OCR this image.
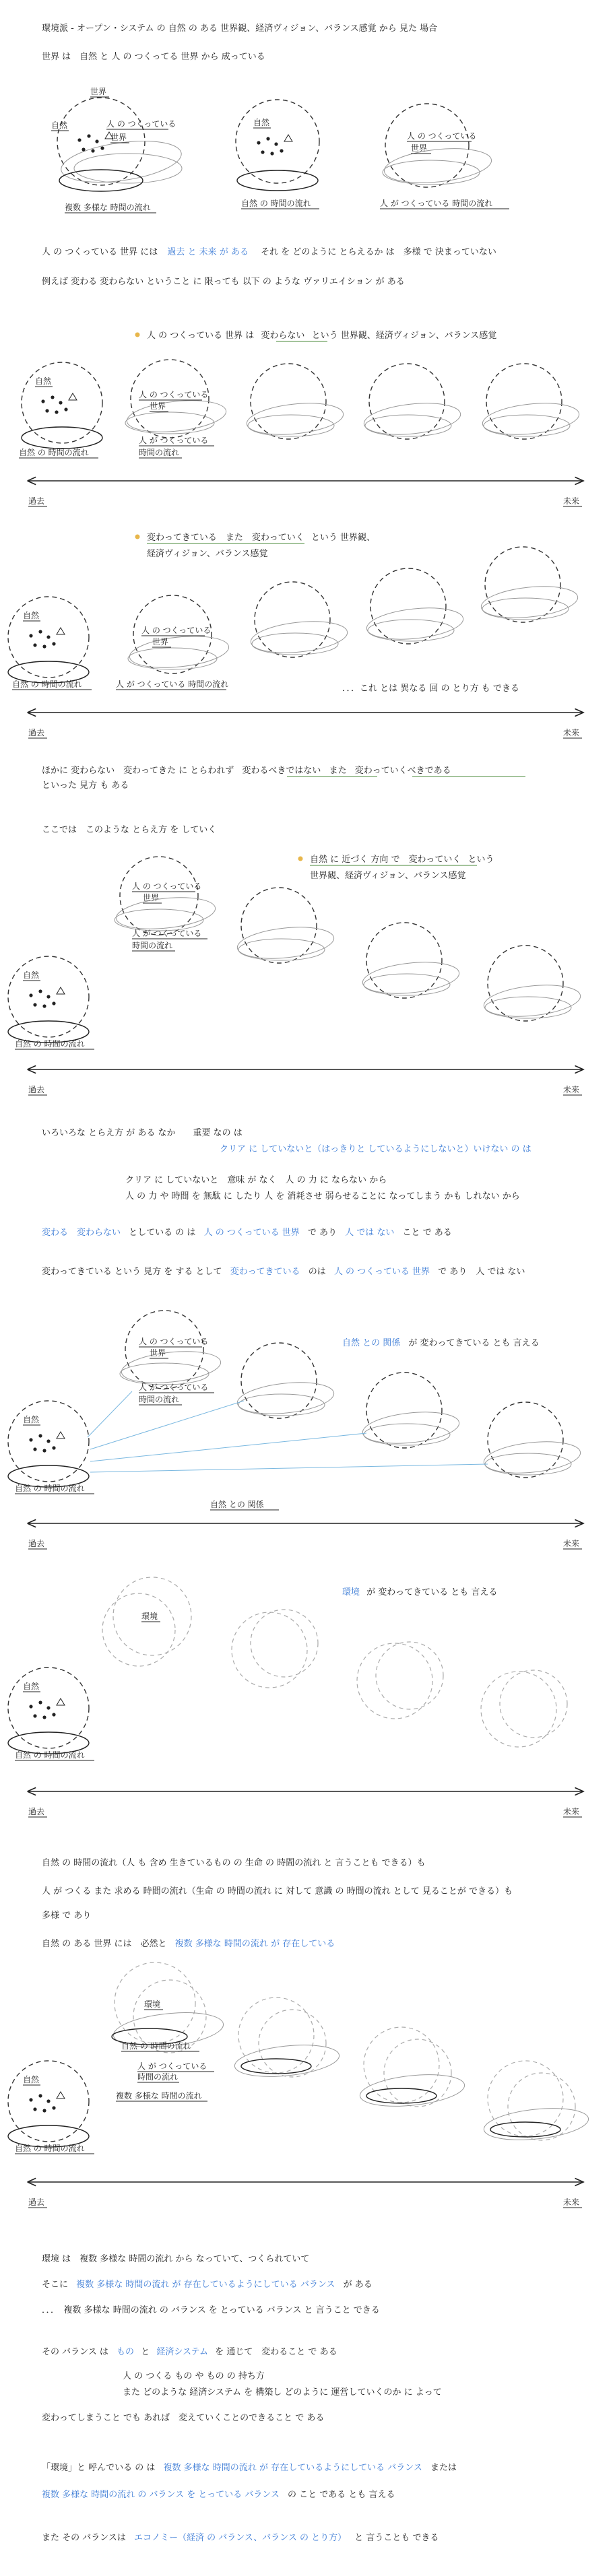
環境派 - オープン・システム の 自然 の ある 世界観、経済ヴィジョン、バランス感覚 から 見た 場合
世界 は　自然 と 人 の つくってる 世界 から 成っている
世界
自然	人 の つくっている
世界
複数 多様な 時間の流れ
自然
自然 の 時間の流れ
人 の つくっている
世界
人 が つくっている 時間の流れ
人 の つくっている 世界 には 過去 と 未来 が ある それ を どのように とらえるか は　多様 で 決まっていない
例えば 変わる 変わらない ということ に 限っても 以下 の ような ヴァリエイション が ある
人 の つくっている 世界 は 変わらない という 世界観、経済ヴィジョン、バランス感覚
自然
自然 の 時間の流れ
人 の つくっている
世界
人 が つくっている
時間の流れ
過去	未来
変わってきている　また　変わっていく という 世界観、
経済ヴィジョン、バランス感覚
自然
自然 の 時間の流れ
人 の つくっている
世界
人 が つくっている 時間の流れ	．．．これ とは 異なる 回 の とり方 も できる
過去	未来
ほかに 変わらない　変わってきた に とらわれず 変わるべきではない また 変わっていくべきである
といった 見方 も ある
ここでは　このような とらえ方 を していく
自然 に 近づく 方向 で　変わっていく という
世界観、経済ヴィジョン、バランス感覚
自然
自然 の 時間の流れ
人 の つくっている
世界
人 が つくっている
時間の流れ
過去	未来
いろいろな とらえ方 が ある なか　　重要 なの は
クリア に していないと（はっきりと しているようにしないと）いけない の は
クリア に していないと　意味 が なく　人 の 力 に ならない から
人 の 力 や 時間 を 無駄 に したり 人 を 消耗させ 弱らせることに なってしまう かも しれない から
変わる　変わらない としている の は 人 の つくっている 世界 で あり 人 では ない こと で ある
変わってきている という 見方 を する として 変わってきている のは 人 の つくっている 世界 で あり　人 では ない
自然 との 関係 が 変わってきている とも 言える
自然
自然 の 時間の流れ
人 の つくっている
世界
人 が つくっている
時間の流れ
自然 との 関係
過去	未来
環境 が 変わってきている とも 言える
自然
自然 の 時間の流れ
環境
過去	未来
自然 の 時間の流れ（人 も 含め 生きているもの の 生命 の 時間の流れ と 言うことも できる）も
人 が つくる また 求める 時間の流れ（生命 の 時間の流れ に 対して 意識 の 時間の流れ として 見ることが できる）も
多様 で あり
自然 の ある 世界 には　必然と 複数 多様な 時間の流れ が 存在している
自然
自然 の 時間の流れ
環境
自然 の 時間の流れ
人 が つくっている
時間の流れ
複数 多様な 時間の流れ
過去	未来
環境 は　複数 多様な 時間の流れ から なっていて、つくられていて
そこに 複数 多様な 時間の流れ が 存在しているようにしている バランス が ある
．．．　複数 多様な 時間の流れ の バランス を とっている バランス と 言うこと できる
その バランス は もの と 経済システム を 通じて　変わること で ある
人 の つくる もの や もの の 持ち方
また どのような 経済システム を 構築し どのように 運営していくのか に よって
変わってしまうこと でも あれば　変えていくことのできること で ある
「環境」と 呼んでいる の は 複数 多様な 時間の流れ が 存在しているようにしている バランス または
複数 多様な 時間の流れ の バランス を とっている バランス の こと である とも 言える
また その バランスは エコノミー（経済 の バランス、バランス の とり方） と 言うことも できる
